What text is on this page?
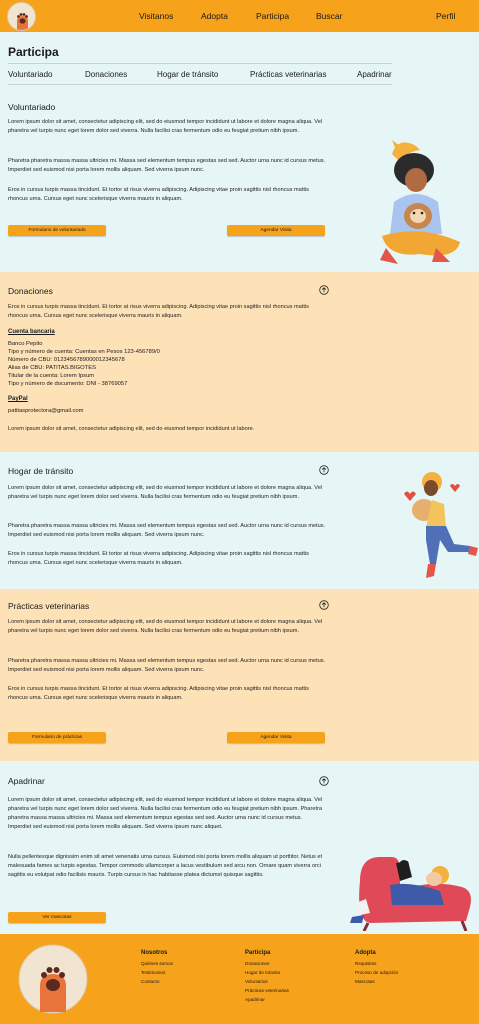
Visitanos	Adopta	Participa	Buscar	Perfil
Participa
Voluntariado	Donaciones	Hogar de tránsito	Prácticas veterinarias	Apadrinar
Voluntariado

Lorem ipsum dolor sit amet, consectetur adipiscing elit, sed do eiusmod tempor incididunt ut labore et dolore magna aliqua. Vel pharetra vel turpis nunc eget lorem dolor sed viverra. Nulla facilisi cras fermentum odio eu feugiat pretium nibh ipsum.

Pharetra pharetra massa massa ultricies mi. Massa sed elementum tempus egestas sed sed. Auctor urna nunc id cursus metus. Imperdiet sed euismod nisi porta lorem mollis aliquam. Sed viverra ipsum nunc.

Eros in cursus turpis massa tincidunt. Et tortor at risus viverra adipiscing. Adipiscing vitae proin sagittis nisl rhoncus mattis rhoncus urna. Cursus eget nunc scelerisque viverra mauris in aliquam.

Formulario de voluntariado	Agendar Visita
Donaciones

Eros in cursus turpis massa tincidunt. Et tortor at risus viverra adipiscing. Adipiscing vitae proin sagittis nisl rhoncus mattis rhoncus urna. Cursus eget nunc scelerisque viverra mauris in aliquam.

Cuenta bancaria
Banco Pepito
Tipo y número de cuenta: Cuentas en Pesos 123-456789/0
Número de CBU: 0123456789000012345678
Alias de CBU: PATITAS.BIGOTES
Titular de la cuenta: Lorem Ipsum
Tipo y número de documento: DNI - 38769057
PayPal
patitasprotectora@gmail.com

Lorem ipsum dolor sit amet, consectetur adipiscing elit, sed do eiusmod tempor incididunt ut labore.

Hogar de tránsito

Lorem ipsum dolor sit amet, consectetur adipiscing elit, sed do eiusmod tempor incididunt ut labore et dolore magna aliqua. Vel pharetra vel turpis nunc eget lorem dolor sed viverra. Nulla facilisi cras fermentum odio eu feugiat pretium nibh ipsum.

Pharetra pharetra massa massa ultricies mi. Massa sed elementum tempus egestas sed sed. Auctor urna nunc id cursus metus. Imperdiet sed euismod nisi porta lorem mollis aliquam. Sed viverra ipsum nunc.

Eros in cursus turpis massa tincidunt. Et tortor at risus viverra adipiscing. Adipiscing vitae proin sagittis nisl rhoncus mattis rhoncus urna. Cursus eget nunc scelerisque viverra mauris in aliquam.

Prácticas veterinarias

Lorem ipsum dolor sit amet, consectetur adipiscing elit, sed do eiusmod tempor incididunt ut labore et dolore magna aliqua. Vel pharetra vel turpis nunc eget lorem dolor sed viverra. Nulla facilisi cras fermentum odio eu feugiat pretium nibh ipsum.

Pharetra pharetra massa massa ultricies mi. Massa sed elementum tempus egestas sed sed. Auctor urna nunc id cursus metus. Imperdiet sed euismod nisi porta lorem mollis aliquam. Sed viverra ipsum nunc.

Eros in cursus turpis massa tincidunt. Et tortor at risus viverra adipiscing. Adipiscing vitae proin sagittis nisl rhoncus mattis rhoncus urna. Cursus eget nunc scelerisque viverra mauris in aliquam.

Formulario de prácticas	Agendar Visita
Apadrinar

Lorem ipsum dolor sit amet, consectetur adipiscing elit, sed do eiusmod tempor incididunt ut labore et dolore magna aliqua. Vel pharetra vel turpis nunc eget lorem dolor sed viverra. Nulla facilisi cras fermentum odio eu feugiat pretium nibh ipsum. Pharetra pharetra massa massa ultricies mi. Massa sed elementum tempus egestas sed sed. Auctor urna nunc id cursus metus. Imperdiet sed euismod nisi porta lorem mollis aliquam. Sed viverra ipsum nunc aliquet.

Nulla pellentesque dignissim enim sit amet venenatis urna cursus. Euismod nisi porta lorem mollis aliquam ut porttitor. Netus et malesuada fames ac turpis egestas. Tempor commodo ullamcorper a lacus vestibulum sed arcu non. Ornare quam viverra orci sagittis eu volutpat odio facilisis mauris. Turpis cursus in hac habitasse platea dictumst quisque sagittis.

Ver mascotas
Nosotros
Quiénes somos
Testimonios
Contacto
Participa
Donaciones
Hogar de tránsito
Voluntarios
Prácticas veterinarias
Apadrinar
Adopta
Requisitos
Proceso de adopción
Mascotas
